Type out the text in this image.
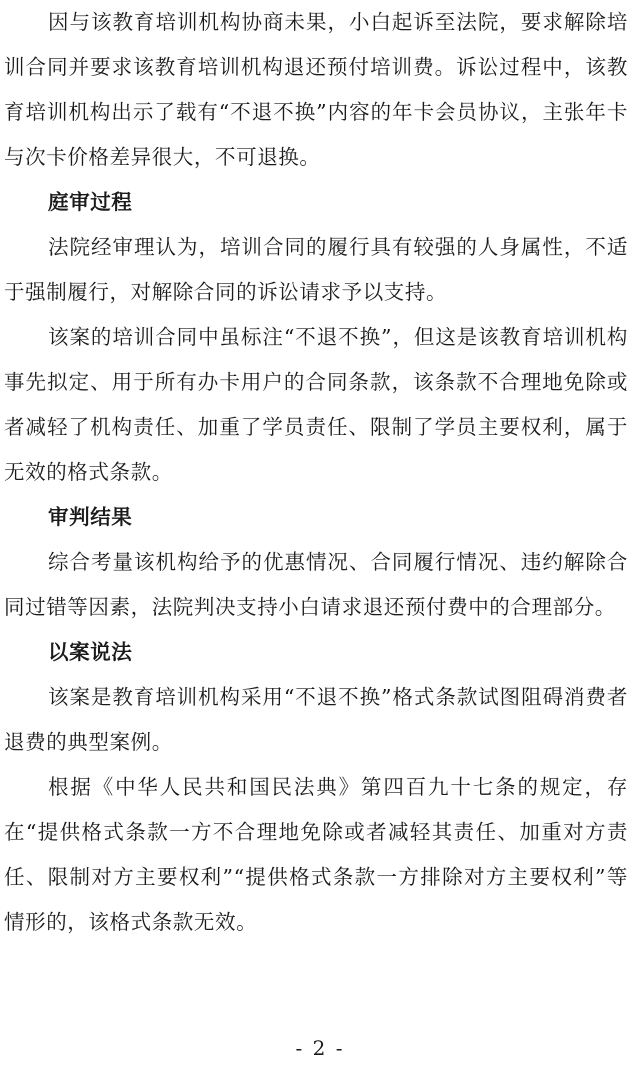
因与该教育培训机构协商未果，小白起诉至法院，要求解除培训合同并要求该教育培训机构退还预付培训费。诉讼过程中，该教育培训机构出示了载有“不退不换”内容的年卡会员协议，主张年卡与次卡价格差异很大，不可退换。

庭审过程

法院经审理认为，培训合同的履行具有较强的人身属性，不适于强制履行，对解除合同的诉讼请求予以支持。

该案的培训合同中虽标注“不退不换”，但这是该教育培训机构事先拟定、用于所有办卡用户的合同条款，该条款不合理地免除或者减轻了机构责任、加重了学员责任、限制了学员主要权利，属于无效的格式条款。

审判结果

综合考量该机构给予的优惠情况、合同履行情况、违约解除合同过错等因素，法院判决支持小白请求退还预付费中的合理部分。

以案说法

该案是教育培训机构采用“不退不换”格式条款试图阻碍消费者退费的典型案例。

根据《中华人民共和国民法典》第四百九十七条的规定，存在“提供格式条款一方不合理地免除或者减轻其责任、加重对方责任、限制对方主要权利”“提供格式条款一方排除对方主要权利”等情形的，该格式条款无效。

- 2 -
